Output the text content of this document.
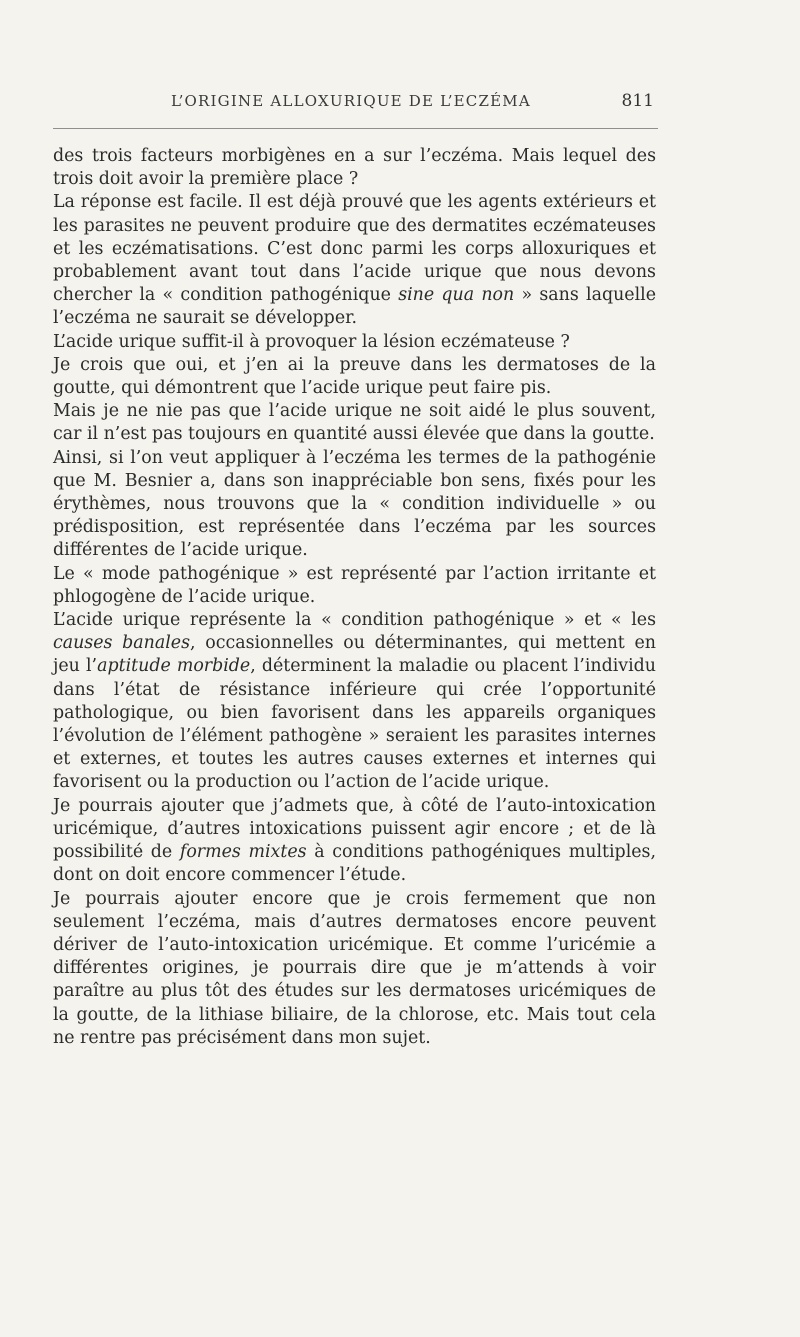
L’ORIGINE ALLOXURIQUE DE L’ECZÉMA	811

des trois facteurs morbigènes en a sur l’eczéma. Mais lequel des trois doit avoir la première place ?

La réponse est facile. Il est déjà prouvé que les agents extérieurs et les parasites ne peuvent produire que des dermatites eczémateuses et les eczématisations. C’est donc parmi les corps alloxuriques et probablement avant tout dans l’acide urique que nous devons chercher la « condition pathogénique sine qua non » sans laquelle l’eczéma ne saurait se développer.

L’acide urique suffit-il à provoquer la lésion eczémateuse ?

Je crois que oui, et j’en ai la preuve dans les dermatoses de la goutte, qui démontrent que l’acide urique peut faire pis.

Mais je ne nie pas que l’acide urique ne soit aidé le plus souvent, car il n’est pas toujours en quantité aussi élevée que dans la goutte.

Ainsi, si l’on veut appliquer à l’eczéma les termes de la pathogénie que M. Besnier a, dans son inappréciable bon sens, fixés pour les érythèmes, nous trouvons que la « condition individuelle » ou prédisposition, est représentée dans l’eczéma par les sources différentes de l’acide urique.

Le « mode pathogénique » est représenté par l’action irritante et phlogogène de l’acide urique.

L’acide urique représente la « condition pathogénique » et « les causes banales, occasionnelles ou déterminantes, qui mettent en jeu l’aptitude morbide, déterminent la maladie ou placent l’individu dans l’état de résistance inférieure qui crée l’opportunité pathologique, ou bien favorisent dans les appareils organiques l’évolution de l’élément pathogène » seraient les parasites internes et externes, et toutes les autres causes externes et internes qui favorisent ou la production ou l’action de l’acide urique.

Je pourrais ajouter que j’admets que, à côté de l’auto-intoxication uricémique, d’autres intoxications puissent agir encore ; et de là possibilité de formes mixtes à conditions pathogéniques multiples, dont on doit encore commencer l’étude.

Je pourrais ajouter encore que je crois fermement que non seulement l’eczéma, mais d’autres dermatoses encore peuvent dériver de l’auto-intoxication uricémique. Et comme l’uricémie a différentes origines, je pourrais dire que je m’attends à voir paraître au plus tôt des études sur les dermatoses uricémiques de la goutte, de la lithiase biliaire, de la chlorose, etc. Mais tout cela ne rentre pas précisément dans mon sujet.
